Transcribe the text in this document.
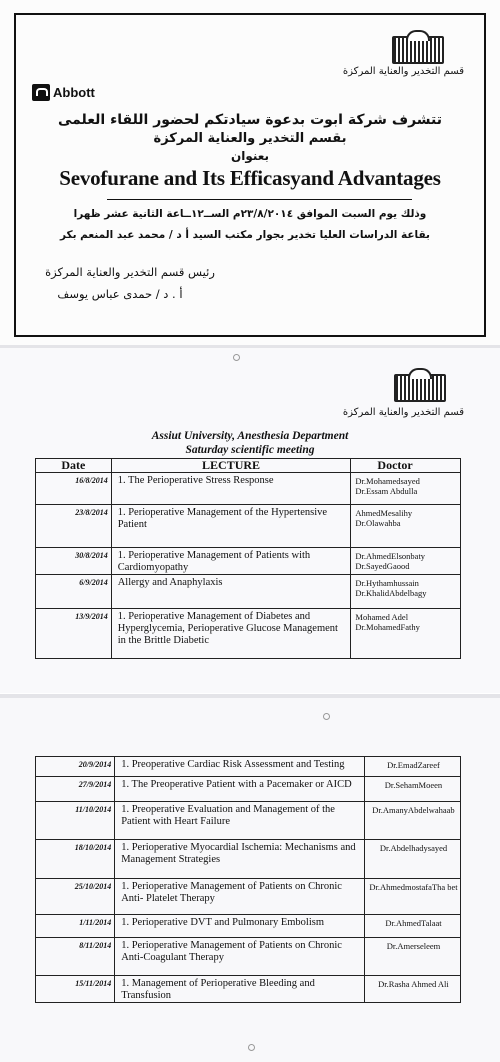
قسم التخدير والعناية المركزة
Abbott
تتشرف شركة ابوت بدعوة سيادتكم لحضور اللقاء العلمى
بقسم التخدير والعناية المركزة
بعنوان
Sevofurane and Its Efficasyand Advantages
وذلك يوم السبت الموافق ٢٣/٨/٢٠١٤م الســ١٢ــاعة الثانية عشر ظهرا
بقاعة الدراسات العليا تخدير بجوار مكتب السيد أ د / محمد عبد المنعم بكر
رئيس قسم التخدير والعناية المركزة
أ . د / حمدى عباس يوسف
قسم التخدير والعناية المركزة
Assiut University, Anesthesia Department
Saturday scientific meeting
Date	LECTURE	Doctor
16/8/2014	1. The Perioperative Stress Response	Dr.Mohamedsayed
Dr.Essam Abdulla

23/8/2014	1. Perioperative Management of the Hypertensive Patient	AhmedMesalihy
Dr.Olawahba

30/8/2014	1. Perioperative Management of Patients with Cardiomyopathy	Dr.AhmedElsonbaty
Dr.SayedGaood

6/9/2014	Allergy and Anaphylaxis	Dr.Hythamhussain
Dr.KhalidAbdelbagy

13/9/2014	1. Perioperative Management of Diabetes and Hyperglycemia, Perioperative Glucose Management in the Brittle Diabetic	Mohamed Adel
Dr.MohamedFathy
20/9/2014	1. Preoperative Cardiac Risk Assessment and Testing	Dr.EmadZareef
27/9/2014	1. The Preoperative Patient with a Pacemaker or AICD	Dr.SehamMoeen
11/10/2014	1. Preoperative Evaluation and Management of the Patient with Heart Failure	Dr.AmanyAbdelwahaab
18/10/2014	1. Perioperative Myocardial Ischemia: Mechanisms and Management Strategies	Dr.Abdelhadysayed
25/10/2014	1. Perioperative Management of Patients on Chronic Anti- Platelet Therapy	Dr.AhmedmostafaTha bet
1/11/2014	1. Perioperative DVT and Pulmonary Embolism	Dr.AhmedTalaat
8/11/2014	1. Perioperative Management of Patients on Chronic Anti-Coagulant Therapy	Dr.Amerseleem
15/11/2014	1. Management of Perioperative Bleeding and Transfusion	Dr.Rasha Ahmed Ali
